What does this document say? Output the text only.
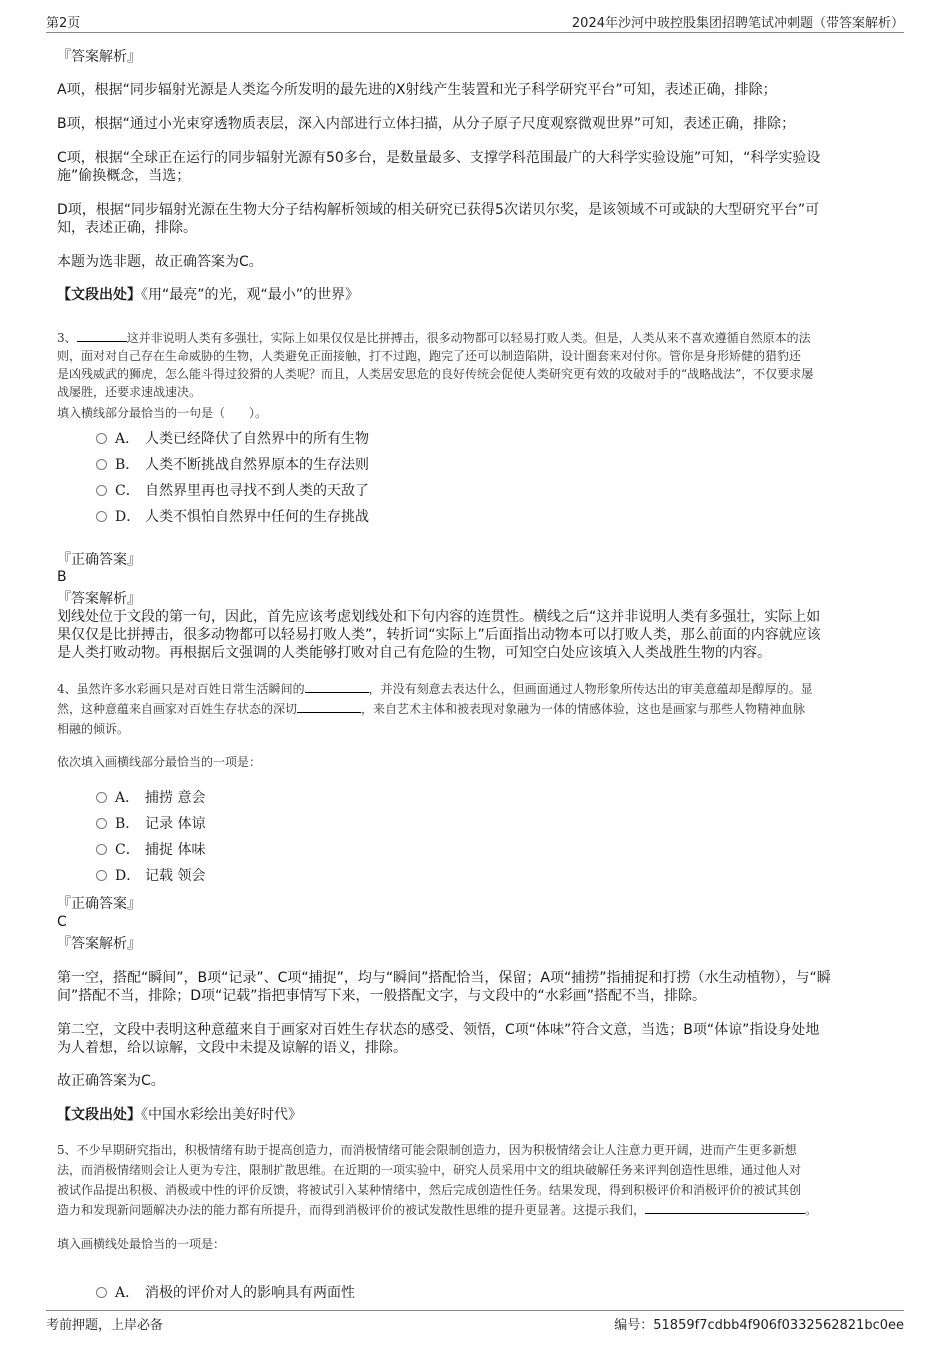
第2页	2024年沙河中玻控股集团招聘笔试冲刺题（带答案解析）

『答案解析』

A项，根据“同步辐射光源是人类迄今所发明的最先进的X射线产生装置和光子科学研究平台”可知，表述正确，排除；

B项，根据“通过小光束穿透物质表层，深入内部进行立体扫描，从分子原子尺度观察微观世界”可知，表述正确，排除；

C项，根据“全球正在运行的同步辐射光源有50多台，是数量最多、支撑学科范围最广的大科学实验设施”可知，“科学实验设

施”偷换概念，当选；

D项，根据“同步辐射光源在生物大分子结构解析领域的相关研究已获得5次诺贝尔奖，是该领域不可或缺的大型研究平台”可

知，表述正确，排除。

本题为选非题，故正确答案为C。

【文段出处】《用“最亮”的光，观“最小”的世界》

3、	这并非说明人类有多强壮，实际上如果仅仅是比拼搏击，很多动物都可以轻易打败人类。但是，人类从来不喜欢遵循自然原本的法

则，面对对自己存在生命威胁的生物，人类避免正面接触，打不过跑，跑完了还可以制造陷阱，设计圈套来对付你。管你是身形矫健的猎豹还

是凶残威武的狮虎，怎么能斗得过狡猾的人类呢？而且，人类居安思危的良好传统会促使人类研究更有效的攻破对手的“战略战法”，不仅要求屡

战屡胜，还要求速战速决。

填入横线部分最恰当的一句是（　　）。

A． 人类已经降伏了自然界中的所有生物
B． 人类不断挑战自然界原本的生存法则
C． 自然界里再也寻找不到人类的天敌了
D． 人类不惧怕自然界中任何的生存挑战

『正确答案』

B

『答案解析』

划线处位于文段的第一句，因此，首先应该考虑划线处和下句内容的连贯性。横线之后“这并非说明人类有多强壮，实际上如

果仅仅是比拼搏击，很多动物都可以轻易打败人类”，转折词“实际上”后面指出动物本可以打败人类，那么前面的内容就应该

是人类打败动物。再根据后文强调的人类能够打败对自己有危险的生物，可知空白处应该填入人类战胜生物的内容。

4、虽然许多水彩画只是对百姓日常生活瞬间的	，并没有刻意去表达什么，但画面通过人物形象所传达出的审美意蕴却是醇厚的。显

然，这种意蕴来自画家对百姓生存状态的深切	，来自艺术主体和被表现对象融为一体的情感体验，这也是画家与那些人物精神血脉

相融的倾诉。

依次填入画横线部分最恰当的一项是：

A． 捕捞 意会
B． 记录 体谅
C． 捕捉 体味
D． 记载 领会

『正确答案』

C

『答案解析』

第一空，搭配“瞬间”，B项“记录”、C项“捕捉”，均与“瞬间”搭配恰当，保留；A项“捕捞”指捕捉和打捞（水生动植物），与“瞬

间”搭配不当，排除；D项“记载”指把事情写下来，一般搭配文字，与文段中的“水彩画”搭配不当，排除。

第二空，文段中表明这种意蕴来自于画家对百姓生存状态的感受、领悟，C项“体味”符合文意，当选；B项“体谅”指设身处地

为人着想，给以谅解，文段中未提及谅解的语义，排除。

故正确答案为C。

【文段出处】《中国水彩绘出美好时代》

5、不少早期研究指出，积极情绪有助于提高创造力，而消极情绪可能会限制创造力，因为积极情绪会让人注意力更开阔，进而产生更多新想

法，而消极情绪则会让人更为专注，限制扩散思维。在近期的一项实验中，研究人员采用中文的组块破解任务来评判创造性思维，通过他人对

被试作品提出积极、消极或中性的评价反馈，将被试引入某种情绪中，然后完成创造性任务。结果发现，得到积极评价和消极评价的被试其创

造力和发现新问题解决办法的能力都有所提升，而得到消极评价的被试发散性思维的提升更显著。这提示我们，	。

填入画横线处最恰当的一项是：

A． 消极的评价对人的影响具有两面性
考前押题，上岸必备	编号：51859f7cdbb4f906f0332562821bc0ee
